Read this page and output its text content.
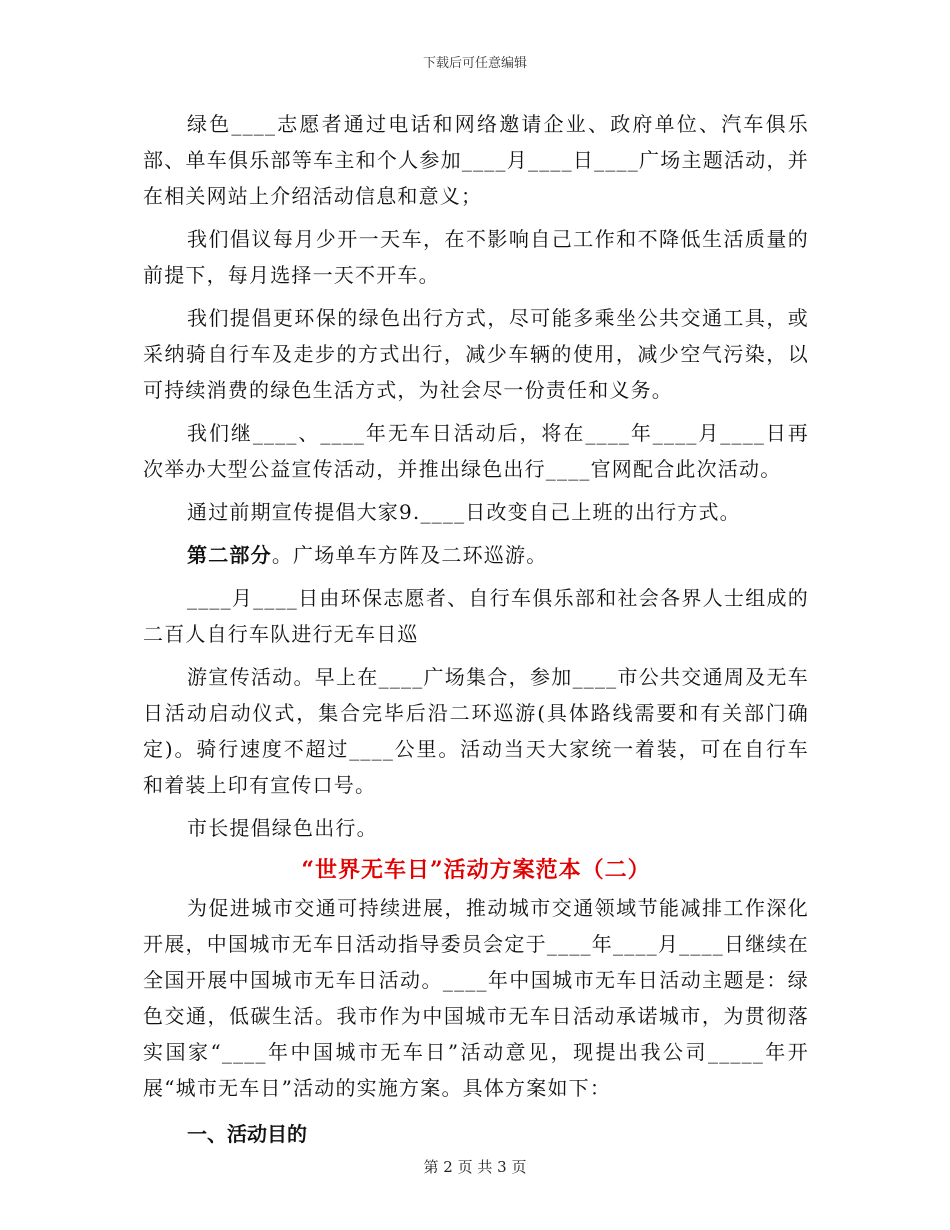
下载后可任意编辑

绿色____志愿者通过电话和网络邀请企业、政府单位、汽车俱乐部、单车俱乐部等车主和个人参加____月____日____广场主题活动，并在相关网站上介绍活动信息和意义；

我们倡议每月少开一天车，在不影响自己工作和不降低生活质量的前提下，每月选择一天不开车。

我们提倡更环保的绿色出行方式，尽可能多乘坐公共交通工具，或采纳骑自行车及走步的方式出行，减少车辆的使用，减少空气污染，以可持续消费的绿色生活方式，为社会尽一份责任和义务。

我们继____、____年无车日活动后，将在____年____月____日再次举办大型公益宣传活动，并推出绿色出行____官网配合此次活动。

通过前期宣传提倡大家9.____日改变自己上班的出行方式。

第二部分。广场单车方阵及二环巡游。

____月____日由环保志愿者、自行车俱乐部和社会各界人士组成的二百人自行车队进行无车日巡

游宣传活动。早上在____广场集合，参加____市公共交通周及无车日活动启动仪式，集合完毕后沿二环巡游(具体路线需要和有关部门确定)。骑行速度不超过____公里。活动当天大家统一着装，可在自行车和着装上印有宣传口号。

市长提倡绿色出行。

“世界无车日”活动方案范本（二）

为促进城市交通可持续进展，推动城市交通领域节能减排工作深化开展，中国城市无车日活动指导委员会定于____年____月____日继续在全国开展中国城市无车日活动。____年中国城市无车日活动主题是：绿色交通，低碳生活。我市作为中国城市无车日活动承诺城市，为贯彻落实国家“____年中国城市无车日”活动意见，现提出我公司_____年开展“城市无车日”活动的实施方案。具体方案如下：

一、活动目的
第 2 页 共 3 页
